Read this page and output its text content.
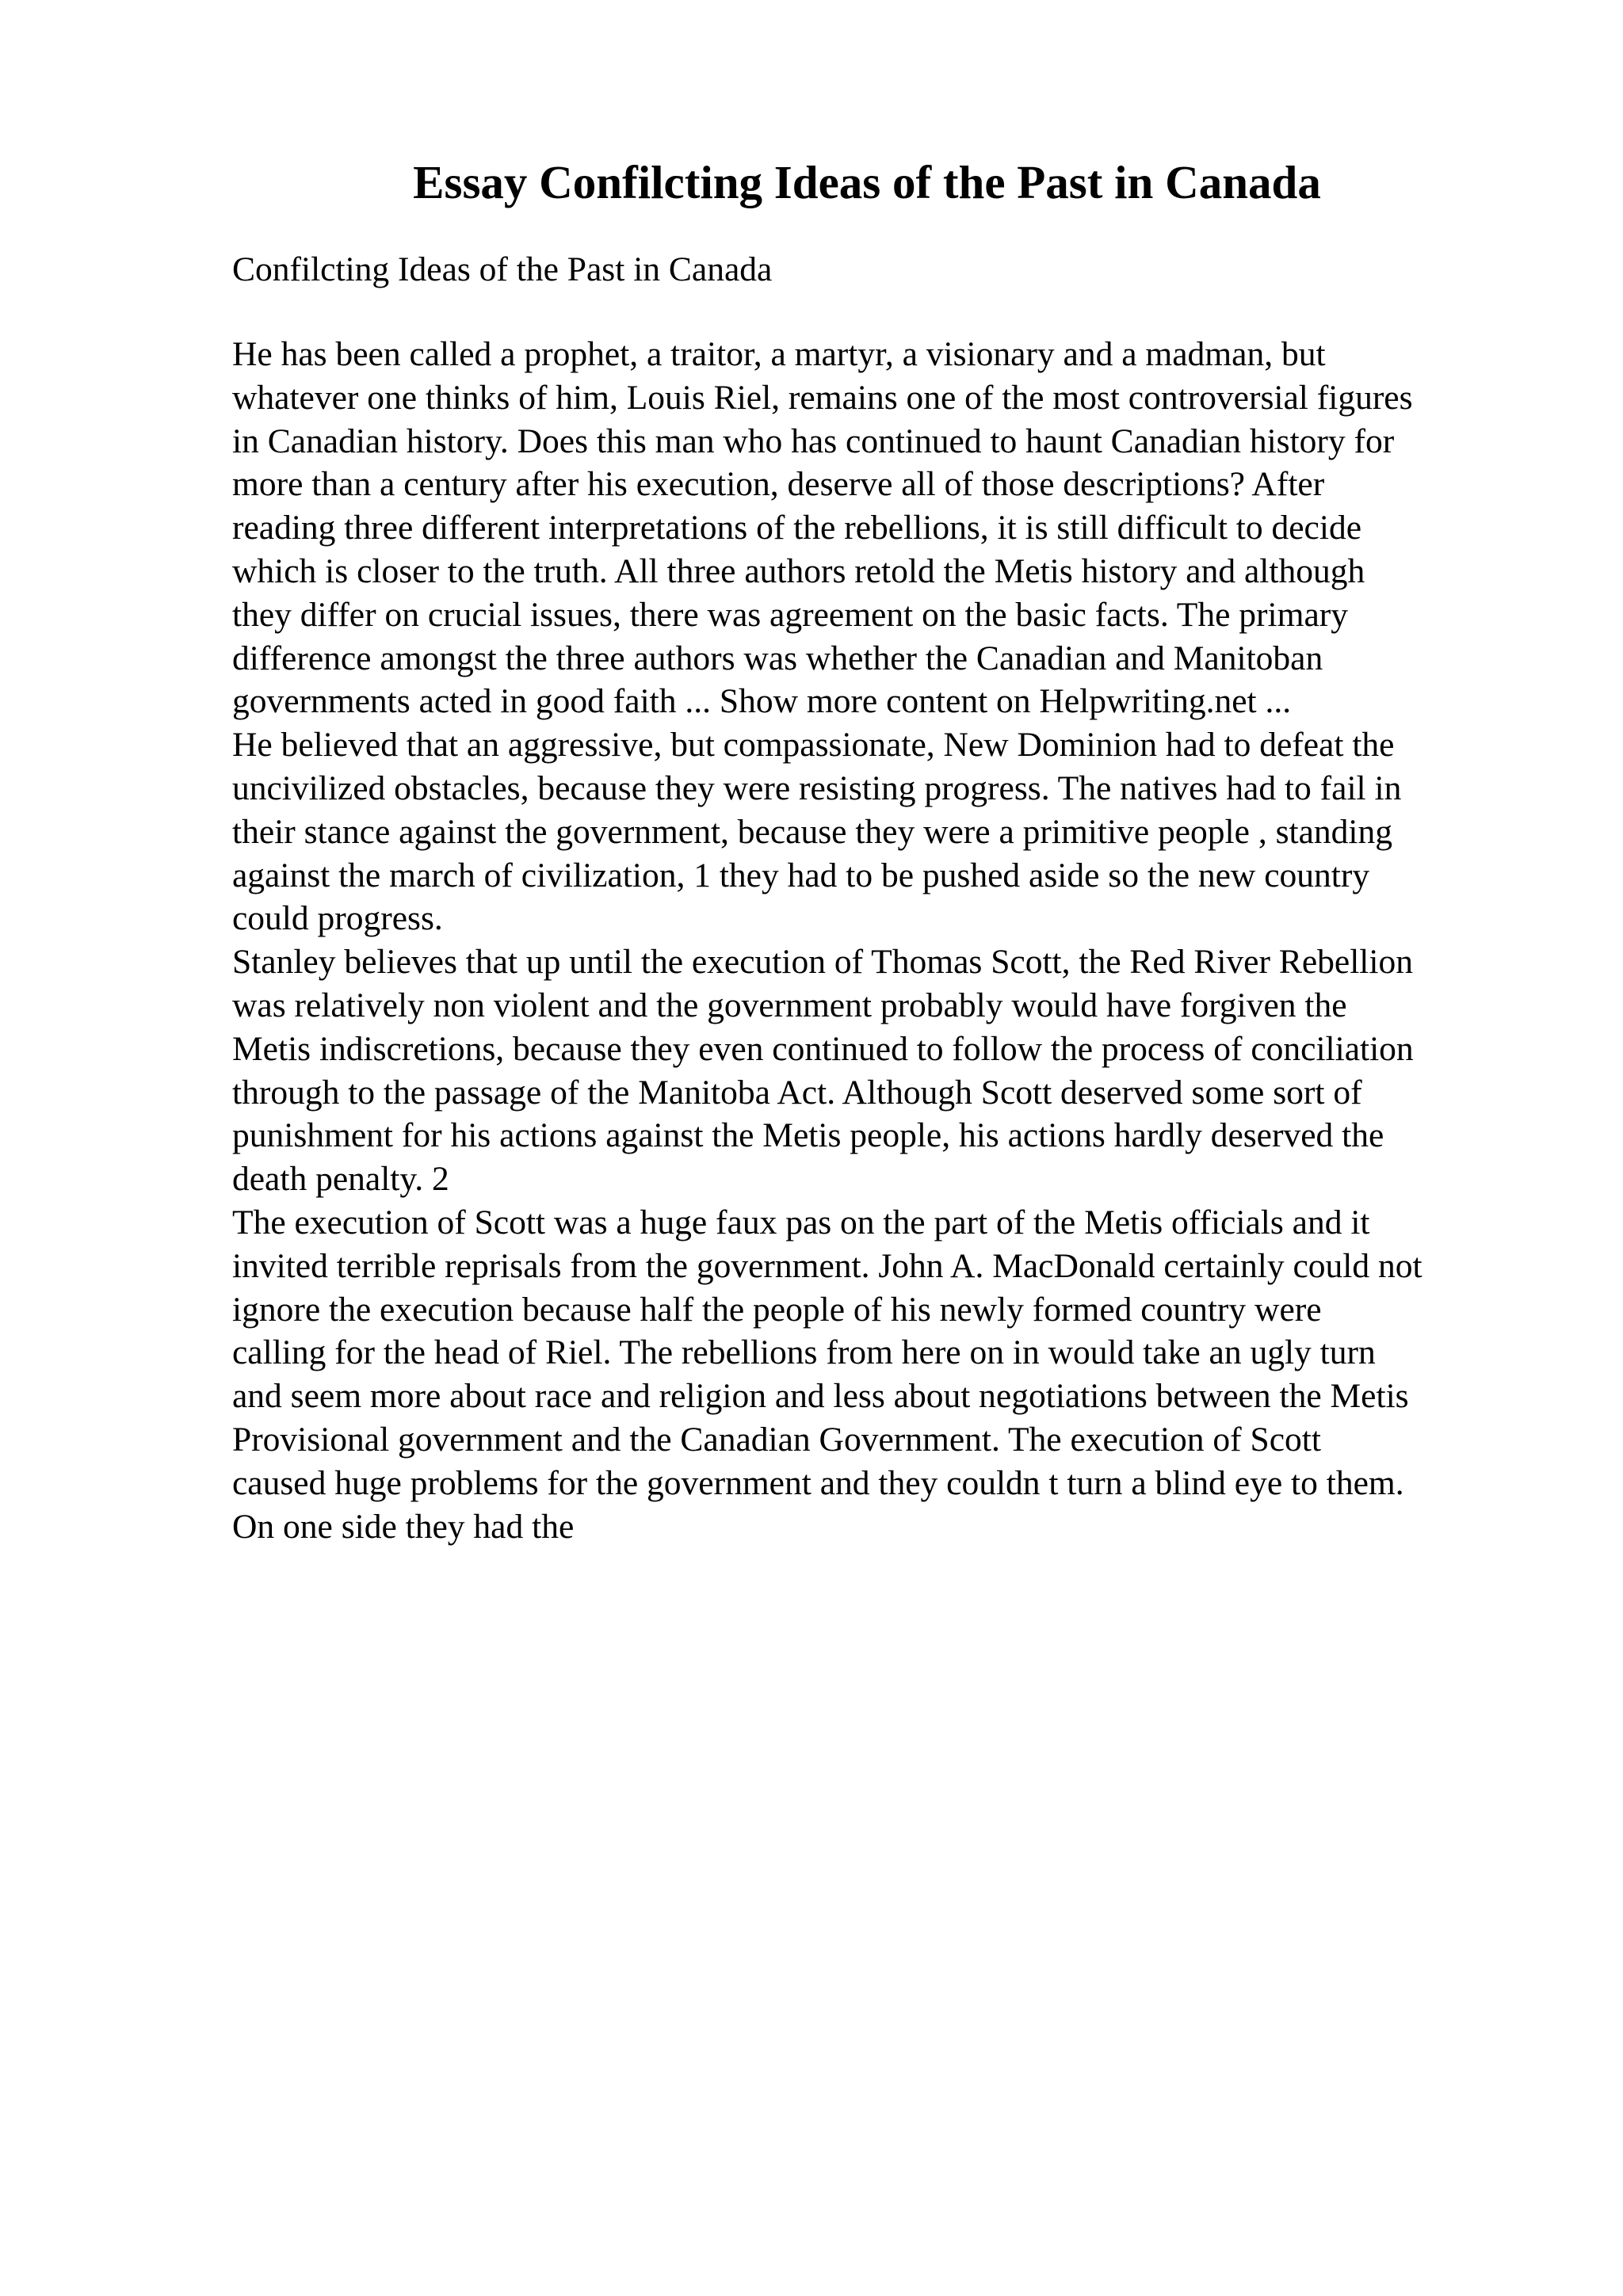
Essay Confilcting Ideas of the Past in Canada

Confilcting Ideas of the Past in Canada

He has been called a prophet, a traitor, a martyr, a visionary and a madman, but
whatever one thinks of him, Louis Riel, remains one of the most controversial figures
in Canadian history. Does this man who has continued to haunt Canadian history for
more than a century after his execution, deserve all of those descriptions? After
reading three different interpretations of the rebellions, it is still difficult to decide
which is closer to the truth. All three authors retold the Metis history and although
they differ on crucial issues, there was agreement on the basic facts. The primary
difference amongst the three authors was whether the Canadian and Manitoban
governments acted in good faith ... Show more content on Helpwriting.net ...
He believed that an aggressive, but compassionate, New Dominion had to defeat the
uncivilized obstacles, because they were resisting progress. The natives had to fail in
their stance against the government, because they were a primitive people , standing
against the march of civilization, 1 they had to be pushed aside so the new country
could progress.
Stanley believes that up until the execution of Thomas Scott, the Red River Rebellion
was relatively non violent and the government probably would have forgiven the
Metis indiscretions, because they even continued to follow the process of conciliation
through to the passage of the Manitoba Act. Although Scott deserved some sort of
punishment for his actions against the Metis people, his actions hardly deserved the
death penalty. 2
The execution of Scott was a huge faux pas on the part of the Metis officials and it
invited terrible reprisals from the government. John A. MacDonald certainly could not
ignore the execution because half the people of his newly formed country were
calling for the head of Riel. The rebellions from here on in would take an ugly turn
and seem more about race and religion and less about negotiations between the Metis
Provisional government and the Canadian Government. The execution of Scott
caused huge problems for the government and they couldn t turn a blind eye to them.
On one side they had the
